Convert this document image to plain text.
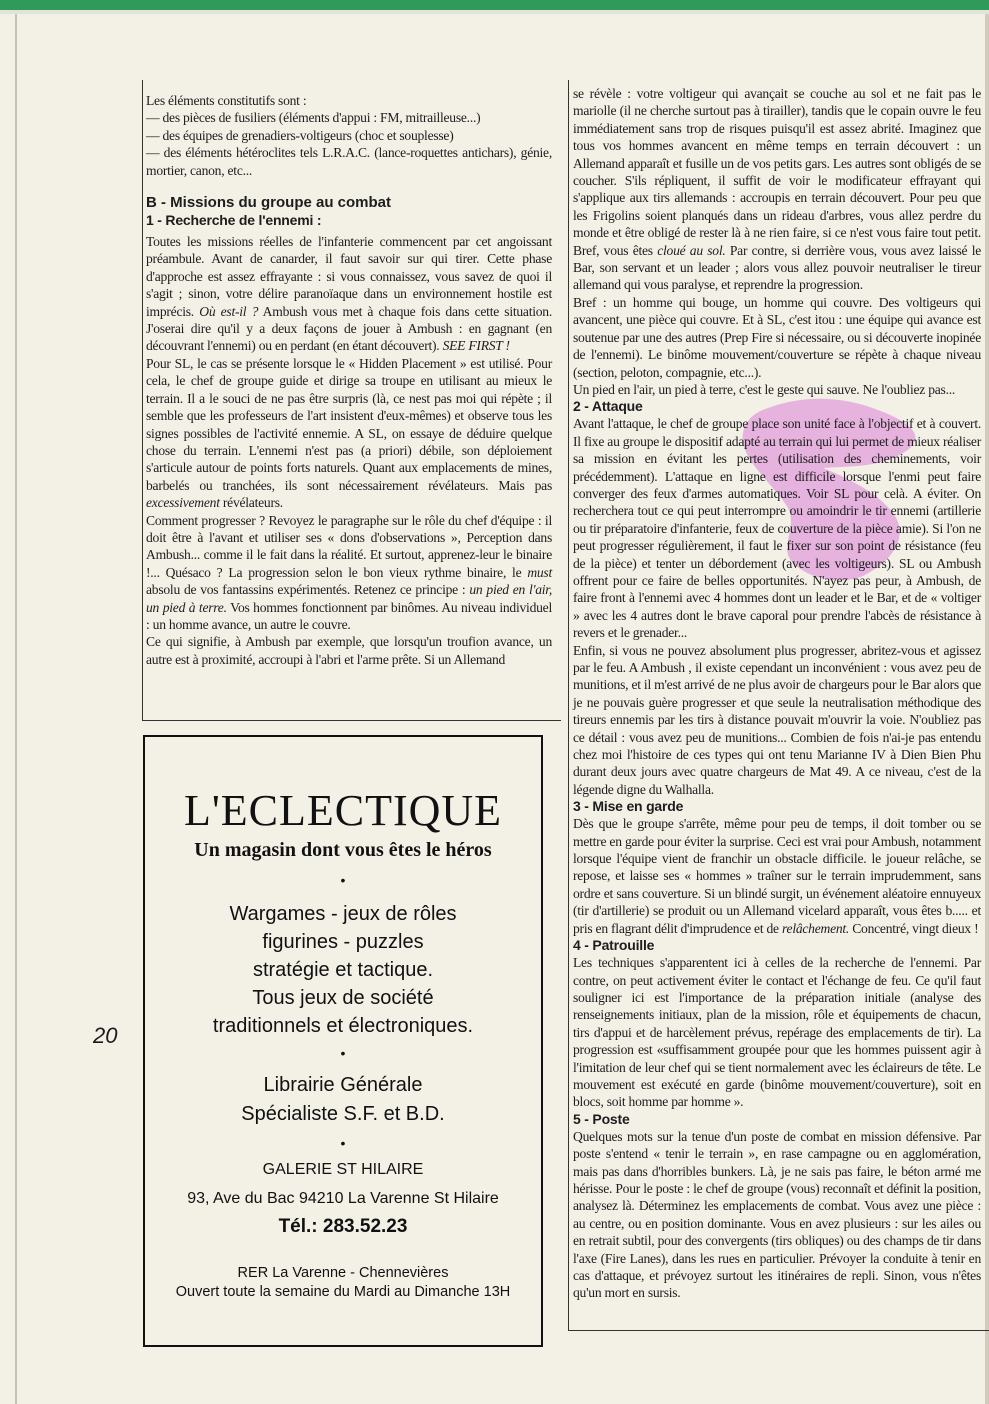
Les éléments constitutifs sont :

— des pièces de fusiliers (éléments d'appui : FM, mitrailleuse...)

— des équipes de grenadiers-voltigeurs (choc et souplesse)

— des éléments hétéroclites tels L.R.A.C. (lance-roquettes antichars), génie, mortier, canon, etc...

B - Missions du groupe au combat

1 - Recherche de l'ennemi :

Toutes les missions réelles de l'infanterie commencent par cet angoissant préambule. Avant de canarder, il faut savoir sur qui tirer. Cette phase d'approche est assez effrayante : si vous connaissez, vous savez de quoi il s'agit ; sinon, votre délire paranoïaque dans un environnement hostile est imprécis. Où est-il ? Ambush vous met à chaque fois dans cette situation. J'oserai dire qu'il y a deux façons de jouer à Ambush : en gagnant (en découvrant l'ennemi) ou en perdant (en étant découvert). SEE FIRST !

Pour SL, le cas se présente lorsque le « Hidden Placement » est utilisé. Pour cela, le chef de groupe guide et dirige sa troupe en utilisant au mieux le terrain. Il a le souci de ne pas être surpris (là, ce nest pas moi qui répète ; il semble que les professeurs de l'art insistent d'eux-mêmes) et observe tous les signes possibles de l'activité ennemie. A SL, on essaye de déduire quelque chose du terrain. L'ennemi n'est pas (a priori) débile, son déploiement s'articule autour de points forts naturels. Quant aux emplacements de mines, barbelés ou tranchées, ils sont nécessairement révélateurs. Mais pas excessivement révélateurs.

Comment progresser ? Revoyez le paragraphe sur le rôle du chef d'équipe : il doit être à l'avant et utiliser ses « dons d'observations », Perception dans Ambush... comme il le fait dans la réalité. Et surtout, apprenez-leur le binaire !... Quésaco ? La progression selon le bon vieux rythme binaire, le must absolu de vos fantassins expérimentés. Retenez ce principe : un pied en l'air, un pied à terre. Vos hommes fonctionnent par binômes. Au niveau individuel : un homme avance, un autre le couvre.

Ce qui signifie, à Ambush par exemple, que lorsqu'un troufion avance, un autre est à proximité, accroupi à l'abri et l'arme prête. Si un Allemand

se révèle : votre voltigeur qui avançait se couche au sol et ne fait pas le mariolle (il ne cherche surtout pas à tirailler), tandis que le copain ouvre le feu immédiatement sans trop de risques puisqu'il est assez abrité. Imaginez que tous vos hommes avancent en même temps en terrain découvert : un Allemand apparaît et fusille un de vos petits gars. Les autres sont obligés de se coucher. S'ils répliquent, il suffit de voir le modificateur effrayant qui s'applique aux tirs allemands : accroupis en terrain découvert. Pour peu que les Frigolins soient planqués dans un rideau d'arbres, vous allez perdre du monde et être obligé de rester là à ne rien faire, si ce n'est vous faire tout petit. Bref, vous êtes cloué au sol. Par contre, si derrière vous, vous avez laissé le Bar, son servant et un leader ; alors vous allez pouvoir neutraliser le tireur allemand qui vous paralyse, et reprendre la progression.

Bref : un homme qui bouge, un homme qui couvre. Des voltigeurs qui avancent, une pièce qui couvre. Et à SL, c'est itou : une équipe qui avance est soutenue par une des autres (Prep Fire si nécessaire, ou si découverte inopinée de l'ennemi). Le binôme mouvement/couverture se répète à chaque niveau (section, peloton, compagnie, etc...).

Un pied en l'air, un pied à terre, c'est le geste qui sauve. Ne l'oubliez pas...

2 - Attaque

Avant l'attaque, le chef de groupe place son unité face à l'objectif et à couvert. Il fixe au groupe le dispositif adapté au terrain qui lui permet de mieux réaliser sa mission en évitant les pertes (utilisation des cheminements, voir précédemment). L'attaque en ligne est difficile lorsque l'enmi peut faire converger des feux d'armes automatiques. Voir SL pour celà. A éviter. On recherchera tout ce qui peut interrompre ou amoindrir le tir ennemi (artillerie ou tir préparatoire d'infanterie, feux de couverture de la pièce amie). Si l'on ne peut progresser régulièrement, il faut le fixer sur son point de résistance (feu de la pièce) et tenter un débordement (avec les voltigeurs). SL ou Ambush offrent pour ce faire de belles opportunités. N'ayez pas peur, à Ambush, de faire front à l'ennemi avec 4 hommes dont un leader et le Bar, et de « voltiger » avec les 4 autres dont le brave caporal pour prendre l'abcès de résistance à revers et le grenader...

Enfin, si vous ne pouvez absolument plus progresser, abritez-vous et agissez par le feu. A Ambush , il existe cependant un inconvénient : vous avez peu de munitions, et il m'est arrivé de ne plus avoir de chargeurs pour le Bar alors que je ne pouvais guère progresser et que seule la neutralisation méthodique des tireurs ennemis par les tirs à distance pouvait m'ouvrir la voie. N'oubliez pas ce détail : vous avez peu de munitions... Combien de fois n'ai-je pas entendu chez moi l'histoire de ces types qui ont tenu Marianne IV à Dien Bien Phu durant deux jours avec quatre chargeurs de Mat 49. A ce niveau, c'est de la légende digne du Walhalla.

3 - Mise en garde

Dès que le groupe s'arrête, même pour peu de temps, il doit tomber ou se mettre en garde pour éviter la surprise. Ceci est vrai pour Ambush, notamment lorsque l'équipe vient de franchir un obstacle difficile. le joueur relâche, se repose, et laisse ses « hommes » traîner sur le terrain imprudemment, sans ordre et sans couverture. Si un blindé surgit, un événement aléatoire ennuyeux (tir d'artillerie) se produit ou un Allemand vicelard apparaît, vous êtes b..... et pris en flagrant délit d'imprudence et de relâchement. Concentré, vingt dieux !

4 - Patrouille

Les techniques s'apparentent ici à celles de la recherche de l'ennemi. Par contre, on peut activement éviter le contact et l'échange de feu. Ce qu'il faut souligner ici est l'importance de la préparation initiale (analyse des renseignements initiaux, plan de la mission, rôle et équipements de chacun, tirs d'appui et de harcèlement prévus, repérage des emplacements de tir). La progression est «suffisamment groupée pour que les hommes puissent agir à l'imitation de leur chef qui se tient normalement avec les éclaireurs de tête. Le mouvement est exécuté en garde (binôme mouvement/couverture), soit en blocs, soit homme par homme ».

5 - Poste

Quelques mots sur la tenue d'un poste de combat en mission défensive. Par poste s'entend « tenir le terrain », en rase campagne ou en agglomération, mais pas dans d'horribles bunkers. Là, je ne sais pas faire, le béton armé me hérisse. Pour le poste : le chef de groupe (vous) reconnaît et définit la position, analysez là. Déterminez les emplacements de combat. Vous avez une pièce : au centre, ou en position dominante. Vous en avez plusieurs : sur les ailes ou en retrait subtil, pour des convergents (tirs obliques) ou des champs de tir dans l'axe (Fire Lanes), dans les rues en particulier. Prévoyer la conduite à tenir en cas d'attaque, et prévoyez surtout les itinéraires de repli. Sinon, vous n'êtes qu'un mort en sursis.

20
L'ECLECTIQUE
Un magasin dont vous êtes le héros
•
Wargames - jeux de rôles
figurines - puzzles
stratégie et tactique.
Tous jeux de société
traditionnels et électroniques.
•
Librairie Générale
Spécialiste S.F. et B.D.
•
GALERIE ST HILAIRE
93, Ave du Bac 94210 La Varenne St Hilaire
Tél.: 283.52.23
RER La Varenne - Chennevières
Ouvert toute la semaine du Mardi au Dimanche 13H
